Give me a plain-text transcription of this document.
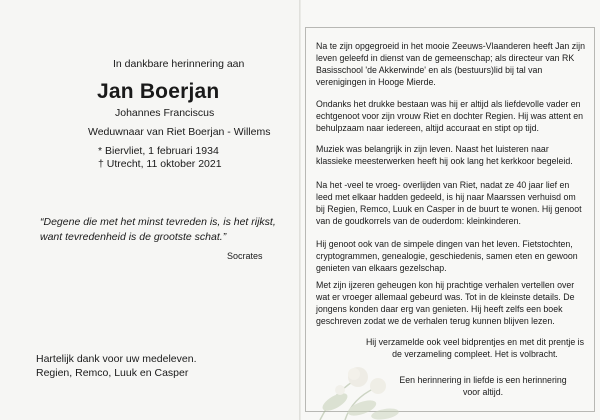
In dankbare herinnering aan
Jan Boerjan
Johannes Franciscus
Weduwnaar van Riet Boerjan - Willems
* Biervliet, 1 februari 1934
† Utrecht, 11 oktober 2021
“Degene die met het minst tevreden is, is het rijkst, want tevredenheid is de grootste schat.”
Socrates
Hartelijk dank voor uw medeleven.
Regien, Remco, Luuk en Casper
Na te zijn opgegroeid in het mooie Zeeuws-Vlaanderen heeft Jan zijn leven geleefd in dienst van de gemeenschap; als directeur van RK Basisschool 'de Akkerwinde' en als (bestuurs)lid bij tal van verenigingen in Hooge Mierde.
Ondanks het drukke bestaan was hij er altijd als liefdevolle vader en echtgenoot voor zijn vrouw Riet en dochter Regien. Hij was attent en behulpzaam naar iedereen, altijd accuraat en stipt op tijd.
Muziek was belangrijk in zijn leven. Naast het luisteren naar klassieke meesterwerken heeft hij ook lang het kerkkoor begeleid.
Na het -veel te vroeg- overlijden van Riet, nadat ze 40 jaar lief en leed met elkaar hadden gedeeld, is hij naar Maarssen verhuisd om bij Regien, Remco, Luuk en Casper in de buurt te wonen. Hij genoot van de goudkorrels van de ouderdom: kleinkinderen.
Hij genoot ook van de simpele dingen van het leven. Fietstochten, cryptogrammen, genealogie, geschiedenis, samen eten en gewoon genieten van elkaars gezelschap.
Met zijn ijzeren geheugen kon hij prachtige verhalen vertellen over wat er vroeger allemaal gebeurd was. Tot in de kleinste details. De jongens konden daar erg van genieten. Hij heeft zelfs een boek geschreven zodat we de verhalen terug kunnen blijven lezen.
Hij verzamelde ook veel bidprentjes en met dit prentje is de verzameling compleet. Het is volbracht.
Een herinnering in liefde is een herinnering voor altijd.
